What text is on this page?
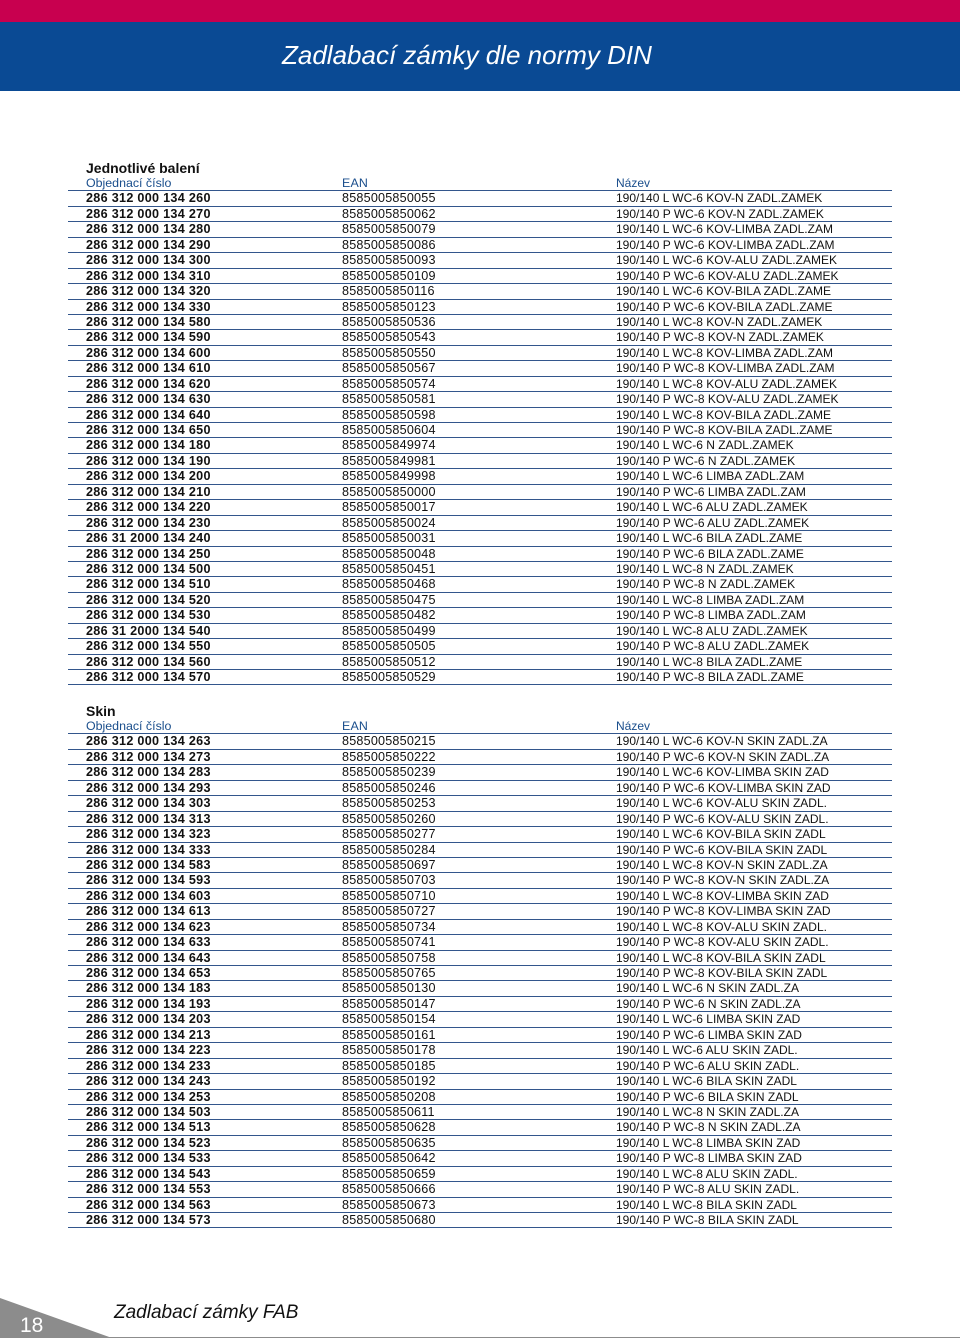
Zadlabací zámky dle normy DIN
Jednotlivé balení
Objednací číslo	EAN	Název
286 312 000 134 260	8585005850055	190/140 L WC-6 KOV-N ZADL.ZAMEK
286 312 000 134 270	8585005850062	190/140 P WC-6 KOV-N ZADL.ZAMEK
286 312 000 134 280	8585005850079	190/140 L WC-6 KOV-LIMBA ZADL.ZAM
286 312 000 134 290	8585005850086	190/140 P WC-6 KOV-LIMBA ZADL.ZAM
286 312 000 134 300	8585005850093	190/140 L WC-6 KOV-ALU ZADL.ZAMEK
286 312 000 134 310	8585005850109	190/140 P WC-6 KOV-ALU ZADL.ZAMEK
286 312 000 134 320	8585005850116	190/140 L WC-6 KOV-BILA ZADL.ZAME
286 312 000 134 330	8585005850123	190/140 P WC-6 KOV-BILA ZADL.ZAME
286 312 000 134 580	8585005850536	190/140 L WC-8 KOV-N ZADL.ZAMEK
286 312 000 134 590	8585005850543	190/140 P WC-8 KOV-N ZADL.ZAMEK
286 312 000 134 600	8585005850550	190/140 L WC-8 KOV-LIMBA ZADL.ZAM
286 312 000 134 610	8585005850567	190/140 P WC-8 KOV-LIMBA ZADL.ZAM
286 312 000 134 620	8585005850574	190/140 L WC-8 KOV-ALU ZADL.ZAMEK
286 312 000 134 630	8585005850581	190/140 P WC-8 KOV-ALU ZADL.ZAMEK
286 312 000 134 640	8585005850598	190/140 L WC-8 KOV-BILA ZADL.ZAME
286 312 000 134 650	8585005850604	190/140 P WC-8 KOV-BILA ZADL.ZAME
286 312 000 134 180	8585005849974	190/140 L WC-6 N ZADL.ZAMEK
286 312 000 134 190	8585005849981	190/140 P WC-6 N ZADL.ZAMEK
286 312 000 134 200	8585005849998	190/140 L WC-6 LIMBA ZADL.ZAM
286 312 000 134 210	8585005850000	190/140 P WC-6 LIMBA ZADL.ZAM
286 312 000 134 220	8585005850017	190/140 L WC-6 ALU ZADL.ZAMEK
286 312 000 134 230	8585005850024	190/140 P WC-6 ALU ZADL.ZAMEK
286 31 2000 134 240	8585005850031	190/140 L WC-6 BILA ZADL.ZAME
286 312 000 134 250	8585005850048	190/140 P WC-6 BILA ZADL.ZAME
286 312 000 134 500	8585005850451	190/140 L WC-8 N ZADL.ZAMEK
286 312 000 134 510	8585005850468	190/140 P WC-8 N ZADL.ZAMEK
286 312 000 134 520	8585005850475	190/140 L WC-8 LIMBA ZADL.ZAM
286 312 000 134 530	8585005850482	190/140 P WC-8 LIMBA ZADL.ZAM
286 31 2000 134 540	8585005850499	190/140 L WC-8 ALU ZADL.ZAMEK
286 312 000 134 550	8585005850505	190/140 P WC-8 ALU ZADL.ZAMEK
286 312 000 134 560	8585005850512	190/140 L WC-8 BILA ZADL.ZAME
286 312 000 134 570	8585005850529	190/140 P WC-8 BILA ZADL.ZAME
Skin
Objednací číslo	EAN	Název
286 312 000 134 263	8585005850215	190/140 L WC-6 KOV-N SKIN ZADL.ZA
286 312 000 134 273	8585005850222	190/140 P WC-6 KOV-N SKIN ZADL.ZA
286 312 000 134 283	8585005850239	190/140 L WC-6 KOV-LIMBA SKIN ZAD
286 312 000 134 293	8585005850246	190/140 P WC-6 KOV-LIMBA SKIN ZAD
286 312 000 134 303	8585005850253	190/140 L WC-6 KOV-ALU SKIN ZADL.
286 312 000 134 313	8585005850260	190/140 P WC-6 KOV-ALU SKIN ZADL.
286 312 000 134 323	8585005850277	190/140 L WC-6 KOV-BILA SKIN ZADL
286 312 000 134 333	8585005850284	190/140 P WC-6 KOV-BILA SKIN ZADL
286 312 000 134 583	8585005850697	190/140 L WC-8 KOV-N SKIN ZADL.ZA
286 312 000 134 593	8585005850703	190/140 P WC-8 KOV-N SKIN ZADL.ZA
286 312 000 134 603	8585005850710	190/140 L WC-8 KOV-LIMBA SKIN ZAD
286 312 000 134 613	8585005850727	190/140 P WC-8 KOV-LIMBA SKIN ZAD
286 312 000 134 623	8585005850734	190/140 L WC-8 KOV-ALU SKIN ZADL.
286 312 000 134 633	8585005850741	190/140 P WC-8 KOV-ALU SKIN ZADL.
286 312 000 134 643	8585005850758	190/140 L WC-8 KOV-BILA SKIN ZADL
286 312 000 134 653	8585005850765	190/140 P WC-8 KOV-BILA SKIN ZADL
286 312 000 134 183	8585005850130	190/140 L WC-6 N SKIN ZADL.ZA
286 312 000 134 193	8585005850147	190/140 P WC-6 N SKIN ZADL.ZA
286 312 000 134 203	8585005850154	190/140 L WC-6 LIMBA SKIN ZAD
286 312 000 134 213	8585005850161	190/140 P WC-6 LIMBA SKIN ZAD
286 312 000 134 223	8585005850178	190/140 L WC-6 ALU SKIN ZADL.
286 312 000 134 233	8585005850185	190/140 P WC-6 ALU SKIN ZADL.
286 312 000 134 243	8585005850192	190/140 L WC-6 BILA SKIN ZADL
286 312 000 134 253	8585005850208	190/140 P WC-6 BILA SKIN ZADL
286 312 000 134 503	8585005850611	190/140 L WC-8 N SKIN ZADL.ZA
286 312 000 134 513	8585005850628	190/140 P WC-8 N SKIN ZADL.ZA
286 312 000 134 523	8585005850635	190/140 L WC-8 LIMBA SKIN ZAD
286 312 000 134 533	8585005850642	190/140 P WC-8 LIMBA SKIN ZAD
286 312 000 134 543	8585005850659	190/140 L WC-8 ALU SKIN ZADL.
286 312 000 134 553	8585005850666	190/140 P WC-8 ALU SKIN ZADL.
286 312 000 134 563	8585005850673	190/140 L WC-8 BILA SKIN ZADL
286 312 000 134 573	8585005850680	190/140 P WC-8 BILA SKIN ZADL
18
Zadlabací zámky FAB
